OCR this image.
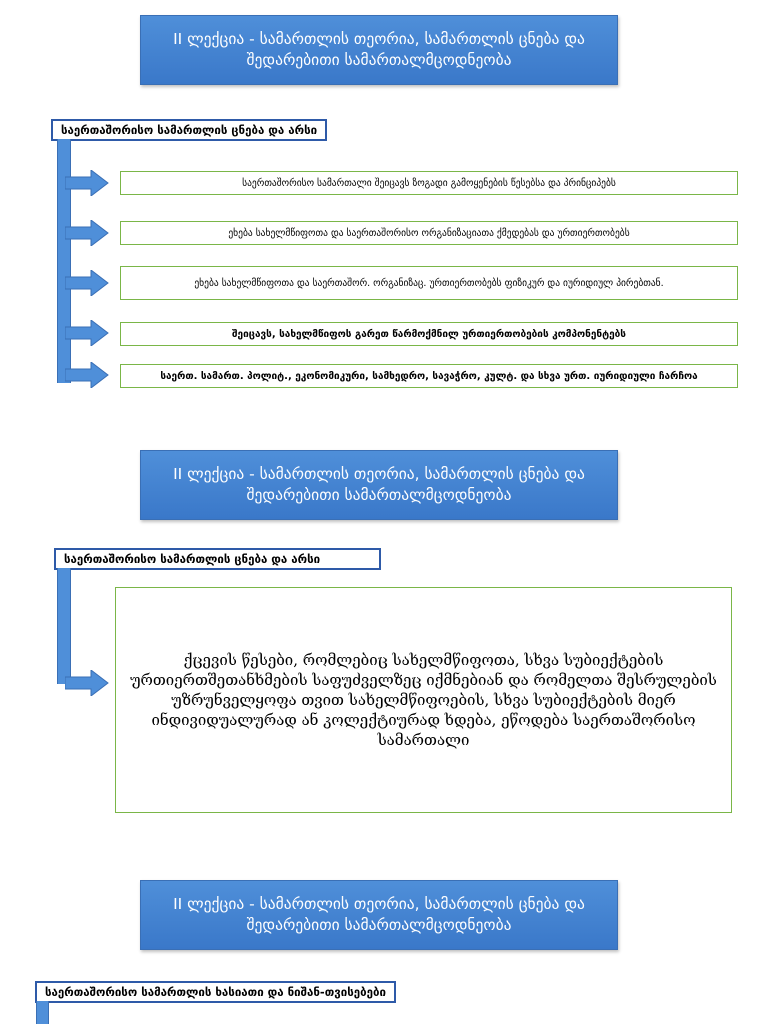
II ლექცია - სამართლის თეორია, სამართლის ცნება და შედარებითი სამართალმცოდნეობა
საერთაშორისო სამართლის ცნება და არსი
საერთაშორისო სამართალი შეიცავს ზოგადი გამოყენების წესებსა და პრინციპებს
ეხება სახელმწიფოთა და საერთაშორისო ორგანიზაციათა ქმედებას და ურთიერთობებს
ეხება სახელმწიფოთა და საერთაშორ. ორგანიზაც. ურთიერთობებს ფიზიკურ და იურიდიულ პირებთან.
შეიცავს, სახელმწიფოს გარეთ წარმოქმნილ ურთიერთობების კომპონენტებს
საერთ. სამართ. პოლიტ., ეკონომიკური, სამხედრო, სავაჭრო, კულტ. და სხვა ურთ. იურიდიული ჩარჩოა
II ლექცია - სამართლის თეორია, სამართლის ცნება და შედარებითი სამართალმცოდნეობა
საერთაშორისო სამართლის ცნება და არსი
ქცევის წესები, რომლებიც სახელმწიფოთა, სხვა სუბიექტების ურთიერთშეთანხმების საფუძველზეც იქმნებიან და რომელთა შესრულების უზრუნველყოფა თვით სახელმწიფოების, სხვა სუბიექტების მიერ ინდივიდუალურად ან კოლექტიურად ხდება, ეწოდება საერთაშორისო სამართალი
II ლექცია - სამართლის თეორია, სამართლის ცნება და შედარებითი სამართალმცოდნეობა
საერთაშორისო სამართლის ხასიათი და ნიშან-თვისებები
